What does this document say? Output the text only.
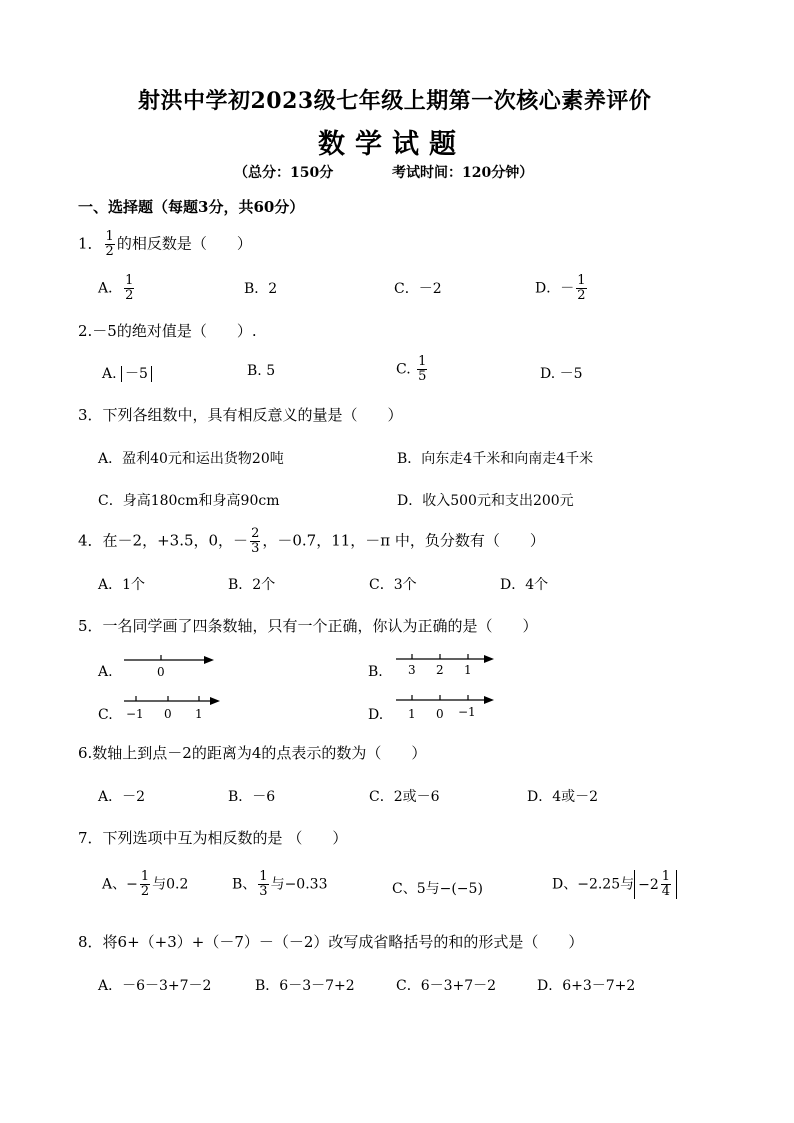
射洪中学初2023级七年级上期第一次核心素养评价
数学试题
（总分：150分	考试时间：120分钟）
一、选择题（每题3分，共60分）
1． $\frac{1}{2}$ 的相反数是（　　）
A． $\frac{1}{2}$	B．2	C．－2	D．－ $\frac{1}{2}$
2.－5的绝对值是（　　）.
A. －5	B. 5	C. $\frac{1}{5}$	D. －5
3．下列各组数中，具有相反意义的量是（　　）
A．盈利40元和运出货物20吨	B．向东走4千米和向南走4千米
C．身高180cm和身高90cm	D．收入500元和支出200元
4．在－2，+3.5，0，－ $\frac{2}{3}$ ，－0.7，11，－π 中，负分数有（　　）
A．1个	B．2个	C．3个	D．4个
5．一名同学画了四条数轴，只有一个正确，你认为正确的是（　　）
A.	0	B. 3 2 1
C. −1 0 1	D. 1 0 −1
6.数轴上到点－2的距离为4的点表示的数为（　　）
A．－2	B．－6	C．2或－6	D．4或－2
7．下列选项中互为相反数的是 （　　）
A、− $\frac{1}{2}$ 与0.2	B、 $\frac{1}{3}$ 与−0.33	C、5与−(−5)	D、−2.25与 $-2 \frac{1}{4}$
8．将6+（+3）+（－7）－（－2）改写成省略括号的和的形式是（　　）
A．－6－3+7－2	B．6－3－7+2	C．6－3+7－2	D．6+3－7+2
